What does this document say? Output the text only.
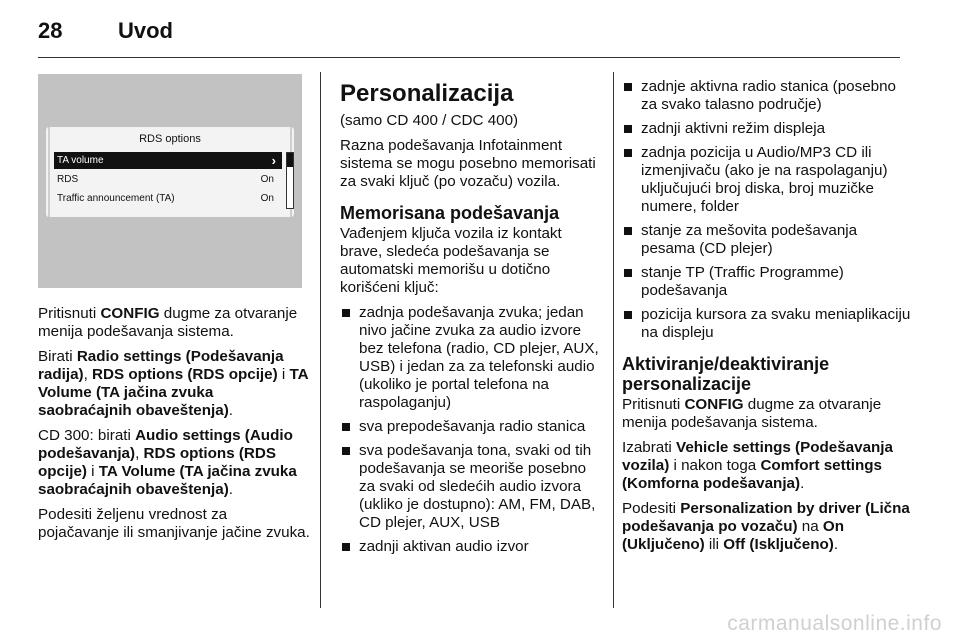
28	Uvod
RDS options
TA volume	›
RDS	On
Traffic announcement (TA)	On

Pritisnuti CONFIG dugme za otvaranje menija podešavanja sistema.

Birati Radio settings (Podešavanja radija), RDS options (RDS opcije) i TA Volume (TA jačina zvuka saobraćajnih obaveštenja).

CD 300: birati Audio settings (Audio podešavanja), RDS options (RDS opcije) i TA Volume (TA jačina zvuka saobraćajnih obaveštenja).

Podesiti željenu vrednost za pojačavanje ili smanjivanje jačine zvuka.

Personalizacija

(samo CD 400 / CDC 400)

Razna podešavanja Infotainment sistema se mogu posebno memorisati za svaki ključ (po vozaču) vozila.

Memorisana podešavanja

Vađenjem ključa vozila iz kontakt brave, sledeća podešavanja se automatski memorišu u dotično korišćeni ključ:

zadnja podešavanja zvuka; jedan nivo jačine zvuka za audio izvore bez telefona (radio, CD plejer, AUX, USB) i jedan za za telefonski audio (ukoliko je portal telefona na raspolaganju)
sva prepodešavanja radio stanica
sva podešavanja tona, svaki od tih podešavanja se meoriše posebno za svaki od sledećih audio izvora (ukliko je dostupno): AM, FM, DAB, CD plejer, AUX, USB
zadnji aktivan audio izvor
zadnje aktivna radio stanica (posebno za svako talasno područje)
zadnji aktivni režim displeja
zadnja pozicija u Audio/MP3 CD ili izmenjivaču (ako je na raspolaganju) uključujući broj diska, broj muzičke numere, folder
stanje za mešovita podešavanja pesama (CD plejer)
stanje TP (Traffic Programme) podešavanja
pozicija kursora za svaku meniaplikaciju na displeju
Aktiviranje/deaktiviranje personalizacije

Pritisnuti CONFIG dugme za otvaranje menija podešavanja sistema.

Izabrati Vehicle settings (Podešavanja vozila) i nakon toga Comfort settings (Komforna podešavanja).

Podesiti Personalization by driver (Lična podešavanja po vozaču) na On (Uključeno) ili Off (Isključeno).

carmanualsonline.info
